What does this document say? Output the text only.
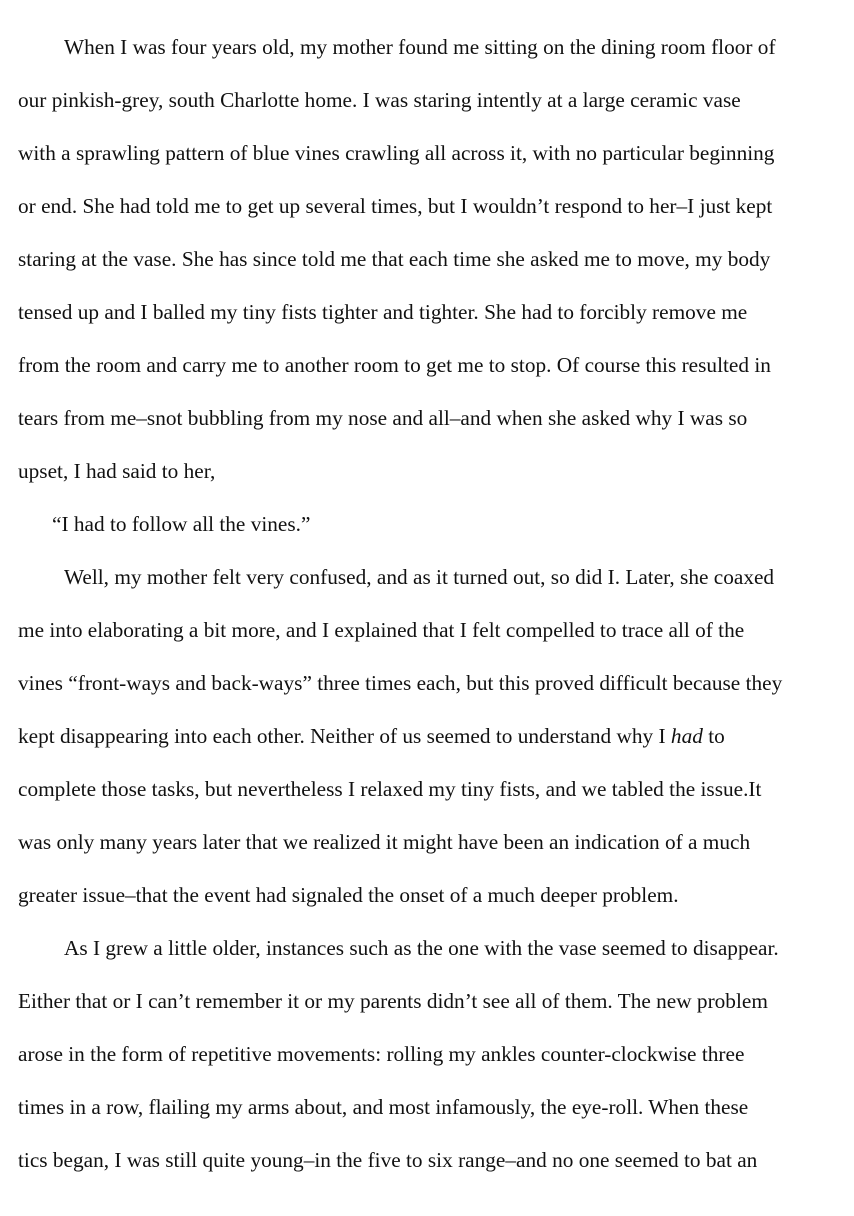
When I was four years old, my mother found me sitting on the dining room floor of
our pinkish-grey, south Charlotte home. I was staring intently at a large ceramic vase
with a sprawling pattern of blue vines crawling all across it, with no particular beginning
or end. She had told me to get up several times, but I wouldn’t respond to her–I just kept
staring at the vase. She has since told me that each time she asked me to move, my body
tensed up and I balled my tiny fists tighter and tighter. She had to forcibly remove me
from the room and carry me to another room to get me to stop. Of course this resulted in
tears from me–snot bubbling from my nose and all–and when she asked why I was so
upset, I had said to her,
“I had to follow all the vines.”
Well, my mother felt very confused, and as it turned out, so did I. Later, she coaxed
me into elaborating a bit more, and I explained that I felt compelled to trace all of the
vines “front-ways and back-ways” three times each, but this proved difficult because they
kept disappearing into each other. Neither of us seemed to understand why I had to
complete those tasks, but nevertheless I relaxed my tiny fists, and we tabled the issue.It
was only many years later that we realized it might have been an indication of a much
greater issue–that the event had signaled the onset of a much deeper problem.
As I grew a little older, instances such as the one with the vase seemed to disappear.
Either that or I can’t remember it or my parents didn’t see all of them. The new problem
arose in the form of repetitive movements: rolling my ankles counter-clockwise three
times in a row, flailing my arms about, and most infamously, the eye-roll. When these
tics began, I was still quite young–in the five to six range–and no one seemed to bat an
